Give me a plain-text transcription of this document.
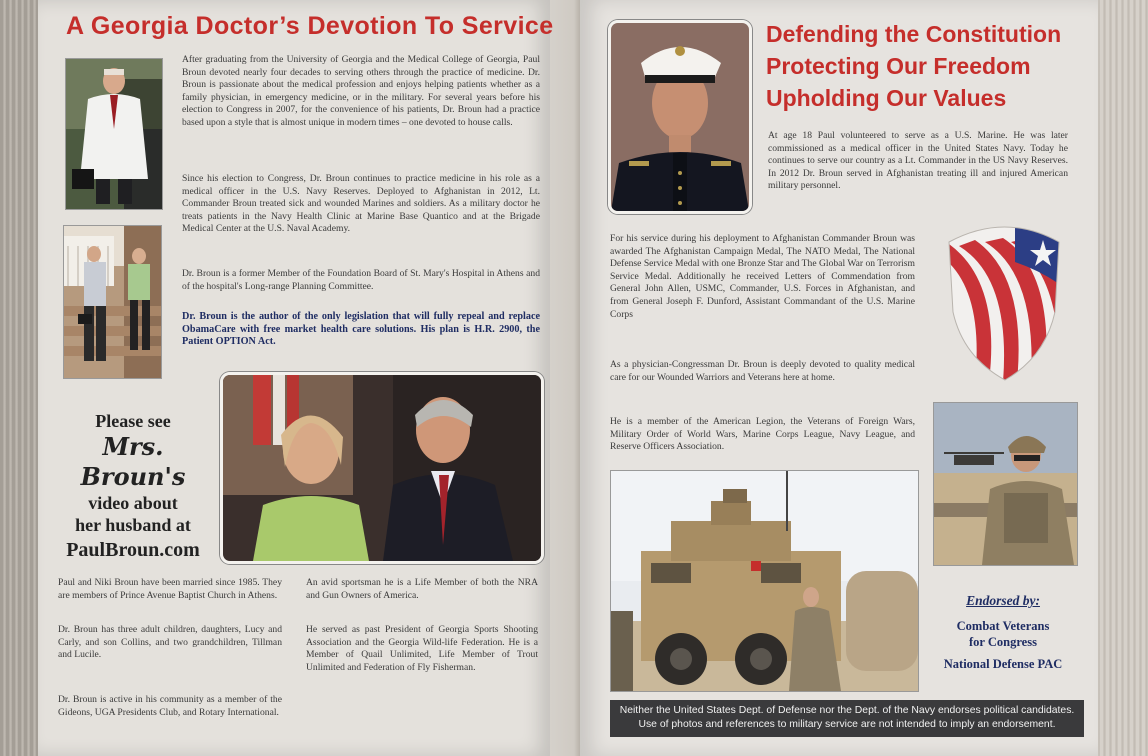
A Georgia Doctor’s Devotion To Service

After graduating from the University of Georgia and the Medical College of Georgia, Paul Broun devoted nearly four decades to serving others through the practice of medicine. Dr. Broun is passionate about the medical profession and enjoys helping patients whether as a family physician, in emergency medicine, or in the military. For several years before his election to Congress in 2007, for the convenience of his patients, Dr. Broun had a practice based upon a style that is almost unique in modern times – one devoted to house calls.

Since his election to Congress, Dr. Broun continues to practice medicine in his role as a medical officer in the U.S. Navy Reserves. Deployed to Afghanistan in 2012, Lt. Commander Broun treated sick and wounded Marines and soldiers. As a military doctor he treats patients in the Navy Health Clinic at Marine Base Quantico and at the Brigade Medical Center at the U.S. Naval Academy.

Dr. Broun is a former Member of the Foundation Board of St. Mary's Hospital in Athens and of the hospital's Long-range Planning Committee.

Dr. Broun is the author of the only legislation that will fully repeal and replace ObamaCare with free market health care solutions. His plan is H.R. 2900, the Patient OPTION Act.

Please see
Mrs. Broun's
video about
her husband at
PaulBroun.com

Paul and Niki Broun have been married since 1985. They are members of Prince Avenue Baptist Church in Athens.

Dr. Broun has three adult children, daughters, Lucy and Carly, and son Collins, and two grandchildren, Tillman and Lucile.

Dr. Broun is active in his community as a member of the Gideons, UGA Presidents Club, and Rotary International.

An avid sportsman he is a Life Member of both the NRA and Gun Owners of America.

He served as past President of Georgia Sports Shooting Association and the Georgia Wild-life Federation. He is a Member of Quail Unlimited, Life Member of Trout Unlimited and Federation of Fly Fisherman.

Defending the Constitution
Protecting Our Freedom
Upholding Our Values

At age 18 Paul volunteered to serve as a U.S. Marine. He was later commissioned as a medical officer in the United States Navy. Today he continues to serve our country as a Lt. Commander in the US Navy Reserves. In 2012 Dr. Broun served in Afghanistan treating ill and injured American military personnel.

For his service during his deployment to Afghanistan Commander Broun was awarded The Afghanistan Campaign Medal, The NATO Medal, The National Defense Service Medal with one Bronze Star and The Global War on Terrorism Service Medal. Additionally he received Letters of Commendation from General John Allen, USMC, Commander, U.S. Forces in Afghanistan, and from General Joseph F. Dunford, Assistant Commandant of the U.S. Marine Corps

As a physician-Congressman Dr. Broun is deeply devoted to quality medical care for our Wounded Warriors and Veterans here at home.

He is a member of the American Legion, the Veterans of Foreign Wars, Military Order of World Wars, Marine Corps League, Navy League, and Reserve Officers Association.

Endorsed by:
Combat Veterans
for Congress
National Defense PAC
Neither the United States Dept. of Defense nor the Dept. of the Navy endorses political candidates.
Use of photos and references to military service are not intended to imply an endorsement.
